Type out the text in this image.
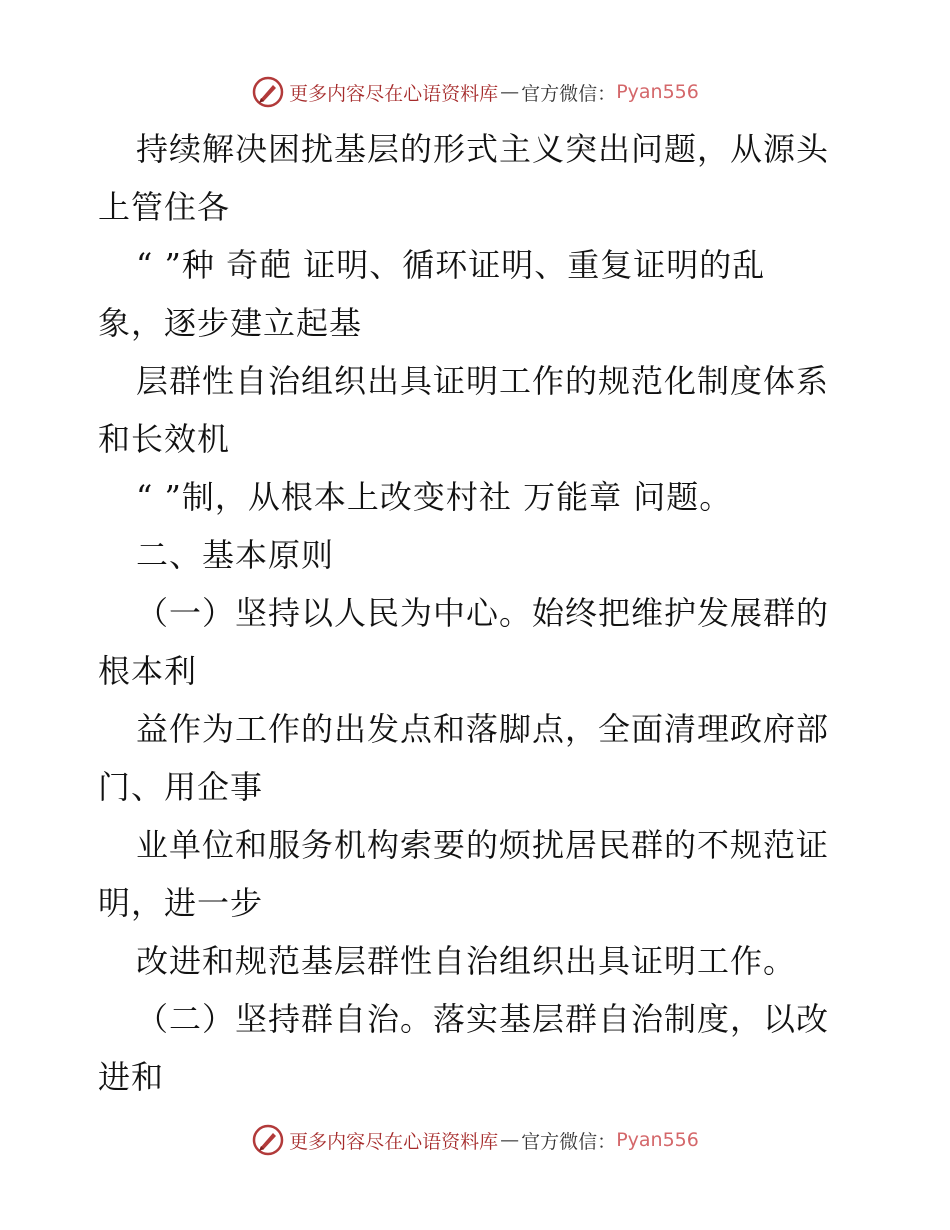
更多内容尽在心语资料库 — 官方微信： Pyan556
持续解决困扰基层的形式主义突出问题，从源头
上管住各
“ ”种 奇葩 证明、循环证明、重复证明的乱
象，逐步建立起基
层群性自治组织出具证明工作的规范化制度体系
和长效机
“ ”制，从根本上改变村社 万能章 问题。
二、基本原则
（一）坚持以人民为中心。始终把维护发展群的
根本利
益作为工作的出发点和落脚点，全面清理政府部
门、用企事
业单位和服务机构索要的烦扰居民群的不规范证
明，进一步
改进和规范基层群性自治组织出具证明工作。
（二）坚持群自治。落实基层群自治制度，以改
进和
更多内容尽在心语资料库 — 官方微信： Pyan556
